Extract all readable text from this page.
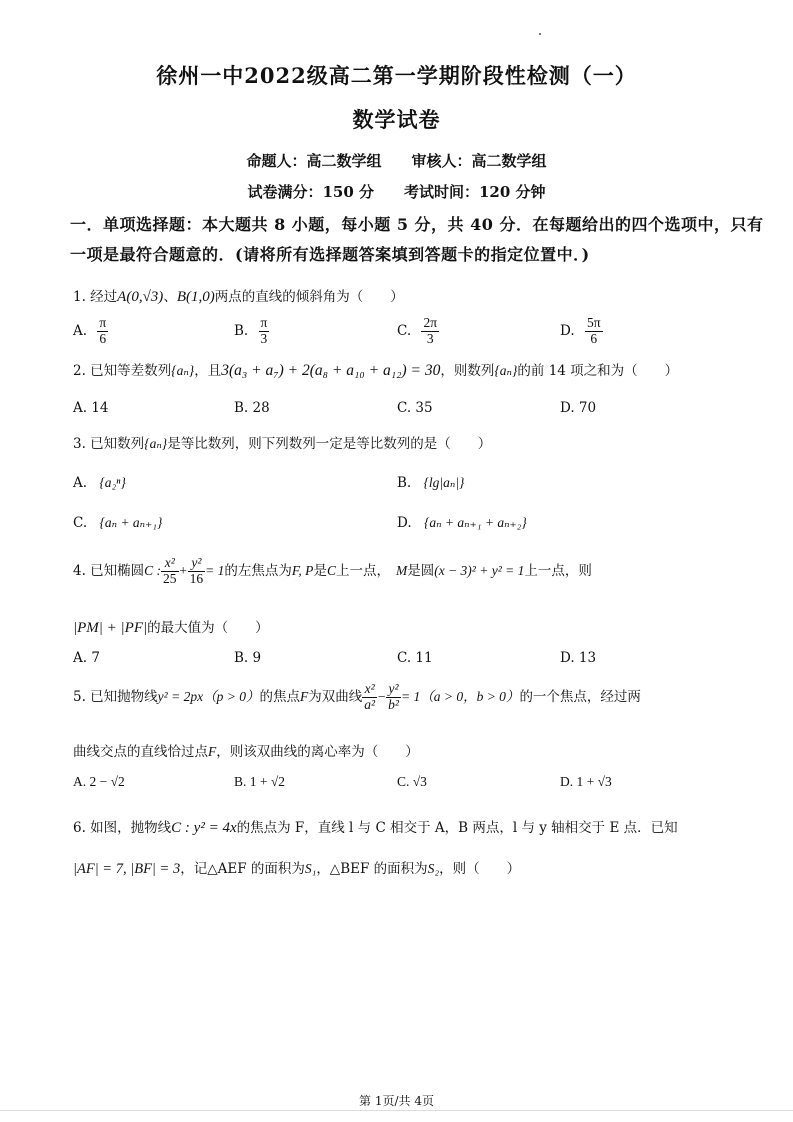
徐州一中2022级高二第一学期阶段性检测（一）
数学试卷
命题人：高二数学组　　审核人：高二数学组
试卷满分：150 分　　考试时间：120 分钟
一．单项选择题：本大题共 8 小题，每小题 5 分，共 40 分．在每题给出的四个选项中，只有
一项是最符合题意的．(请将所有选择题答案填到答题卡的指定位置中．)
1. 经过A(0,√3)、B(1,0)两点的直线的倾斜角为（　　）
A. $\frac{\pi}{6}$	B. $\frac{\pi}{3}$	C. $\frac{2\pi}{3}$	D. $\frac{5\pi}{6}$
2. 已知等差数列{aₙ}，且3(a₃ + a₇) + 2(a₈ + a₁₀ + a₁₂) = 30，则数列{aₙ}的前 14 项之和为（　　）
A. 14	B. 28	C. 35	D. 70
3. 已知数列{aₙ}是等比数列，则下列数列一定是等比数列的是（　　）
A. {a₂ⁿ}	B. {lg|aₙ|}
C. {aₙ + aₙ₊₁}	D. {aₙ + aₙ₊₁ + aₙ₊₂}
4. 已知椭圆C : $\frac{\text{x²}}{25} + \frac{\text{y²}}{16} = 1$的左焦点为F, P是C上一点， M是圆(x − 3)² + y² = 1上一点，则
|PM| + |PF|的最大值为（　　）
A. 7	B. 9	C. 11	D. 13
5. 已知抛物线y² = 2px（p > 0）的焦点F为双曲线 $\frac{\text{x²}}{\text{a²}} - \frac{\text{y²}}{\text{b²}} = 1(a > 0$，b > 0）的一个焦点，经过两
曲线交点的直线恰过点F，则该双曲线的离心率为（　　）
A. 2 − √2	B. 1 + √2	C. √3	D. 1 + √3
6. 如图，抛物线C : y² = 4x的焦点为 F，直线 l 与 C 相交于 A，B 两点，l 与 y 轴相交于 E 点．已知
|AF| = 7, |BF| = 3，记△AEF 的面积为S₁，△BEF 的面积为S₂，则（　　）
第 1页/共 4页
